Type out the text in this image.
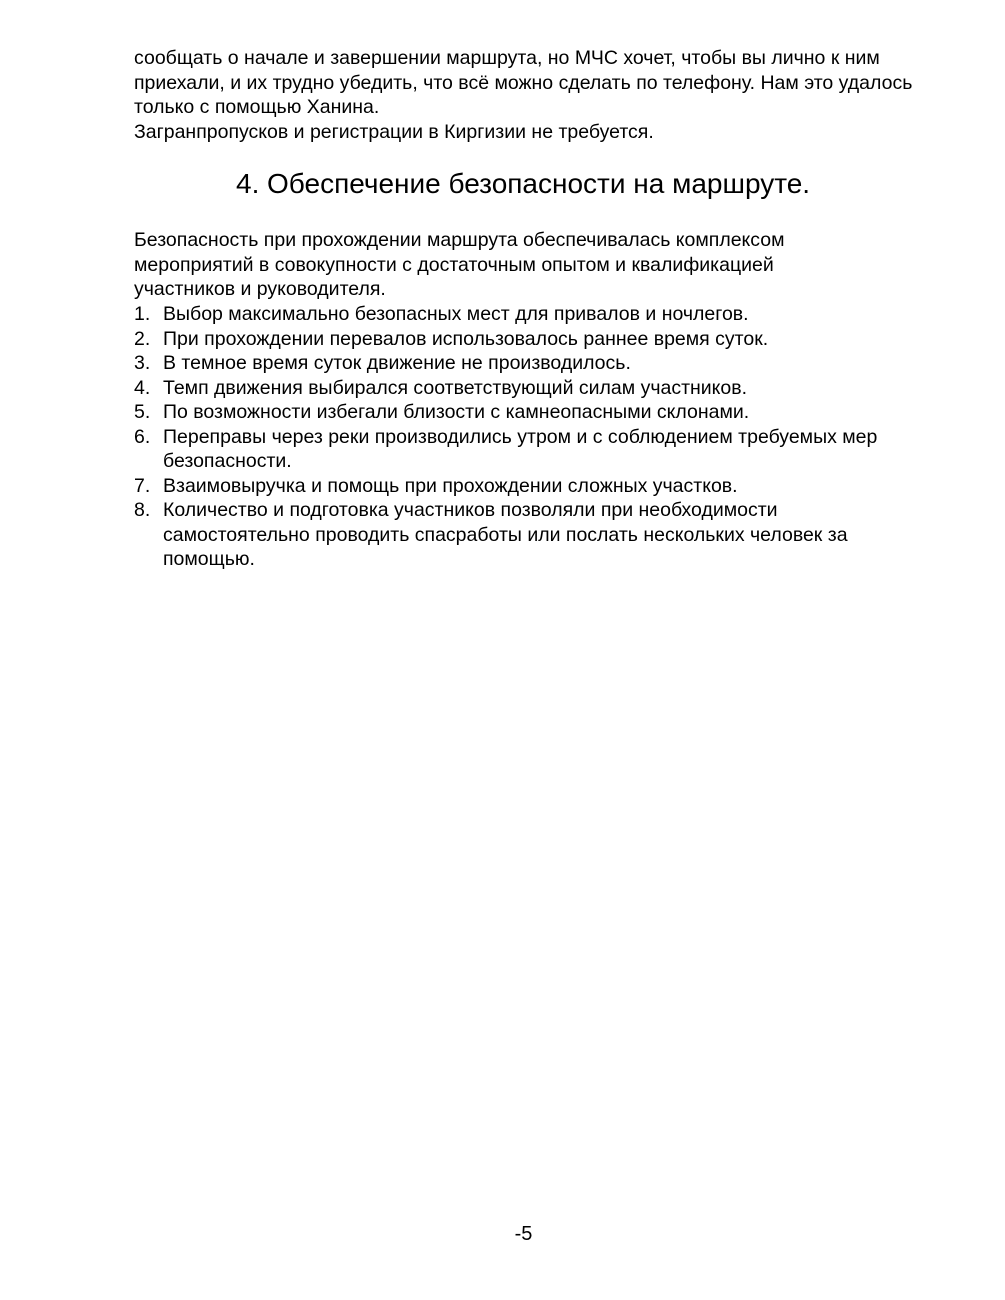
сообщать о начале и завершении маршрута, но МЧС хочет, чтобы вы лично к ним приехали, и их трудно убедить, что всё можно сделать по телефону. Нам это удалось только с помощью Ханина.

Загранпропусков и регистрации в Киргизии не требуется.

4. Обеспечение безопасности на маршруте.

Безопасность при прохождении маршрута обеспечивалась комплексом мероприятий в совокупности с достаточным опытом и квалификацией участников и руководителя.

1. Выбор максимально безопасных мест для привалов и ночлегов.
2. При прохождении перевалов использовалось раннее время суток.
3. В темное время суток движение не производилось.
4. Темп движения выбирался соответствующий силам участников.
5. По возможности избегали близости с камнеопасными склонами.
6. Переправы через реки производились утром и с соблюдением требуемых мер безопасности.
7. Взаимовыручка и помощь при прохождении сложных участков.
8. Количество и подготовка участников позволяли при необходимости самостоятельно проводить спасработы или послать нескольких человек за помощью.
-5
